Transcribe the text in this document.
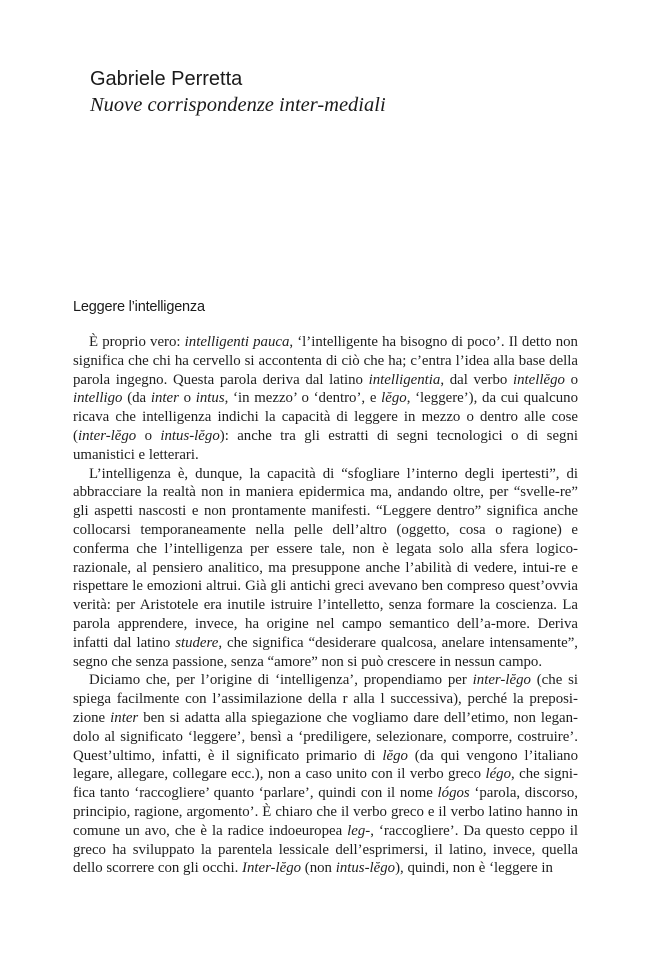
Gabriele Perretta
Nuove corrispondenze inter-mediali
Leggere l’intelligenza

È proprio vero: intelligenti pauca, ‘l’intelligente ha bisogno di poco’. Il detto non significa che chi ha cervello si accontenta di ciò che ha; c’entra l’idea alla base della parola ingegno. Questa parola deriva dal latino intelligentia, dal verbo intellĕgo o intelligo (da inter o intus, ‘in mezzo’ o ‘dentro’, e lĕgo, ‘leggere’), da cui qualcuno ricava che intelligenza indichi la capacità di leggere in mezzo o dentro alle cose (inter-lĕgo o intus-lĕgo): anche tra gli estratti di segni tecnologici o di segni umanistici e letterari.

L’intelligenza è, dunque, la capacità di “sfogliare l’interno degli ipertesti”, di abbracciare la realtà non in maniera epidermica ma, andando oltre, per “svelle-re” gli aspetti nascosti e non prontamente manifesti. “Leggere dentro” significa anche collocarsi temporaneamente nella pelle dell’altro (oggetto, cosa o ragione) e conferma che l’intelligenza per essere tale, non è legata solo alla sfera logico-razionale, al pensiero analitico, ma presuppone anche l’abilità di vedere, intui-re e rispettare le emozioni altrui. Già gli antichi greci avevano ben compreso quest’ovvia verità: per Aristotele era inutile istruire l’intelletto, senza formare la coscienza. La parola apprendere, invece, ha origine nel campo semantico dell’a-more. Deriva infatti dal latino studere, che significa “desiderare qualcosa, anelare intensamente”, segno che senza passione, senza “amore” non si può crescere in nessun campo.

Diciamo che, per l’origine di ‘intelligenza’, propendiamo per inter-lĕgo (che si spiega facilmente con l’assimilazione della r alla l successiva), perché la preposi-zione inter ben si adatta alla spiegazione che vogliamo dare dell’etimo, non legan-dolo al significato ‘leggere’, bensì a ‘prediligere, selezionare, comporre, costruire’. Quest’ultimo, infatti, è il significato primario di lĕgo (da qui vengono l’italiano legare, allegare, collegare ecc.), non a caso unito con il verbo greco légo, che signi-fica tanto ‘raccogliere’ quanto ‘parlare’, quindi con il nome lógos ‘parola, discorso, principio, ragione, argomento’. È chiaro che il verbo greco e il verbo latino hanno in comune un avo, che è la radice indoeuropea leg-, ‘raccogliere’. Da questo ceppo il greco ha sviluppato la parentela lessicale dell’esprimersi, il latino, invece, quella dello scorrere con gli occhi. Inter-lĕgo (non intus-lĕgo), quindi, non è ‘leggere in
